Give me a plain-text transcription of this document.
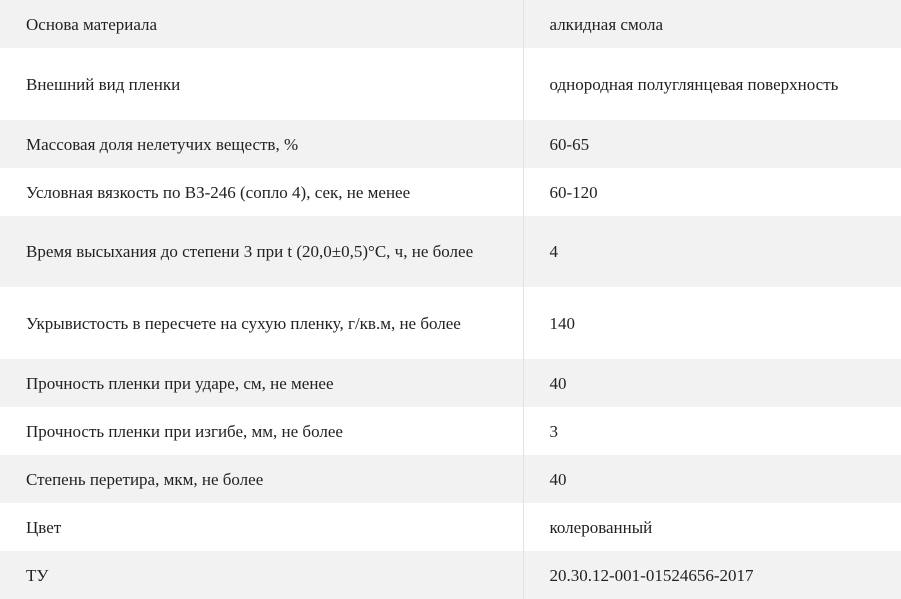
Основа материала	алкидная смола
Внешний вид пленки	однородная полуглянцевая поверхность
Массовая доля нелетучих веществ, %	60-65
Условная вязкость по ВЗ-246 (сопло 4), сек, не менее	60-120
Время высыхания до степени 3 при t (20,0±0,5)°С, ч, не более	4
Укрывистость в пересчете на сухую пленку, г/кв.м, не более	140
Прочность пленки при ударе, см, не менее	40
Прочность пленки при изгибе, мм, не более	3
Степень перетира, мкм, не более	40
Цвет	колерованный
ТУ	20.30.12-001-01524656-2017
